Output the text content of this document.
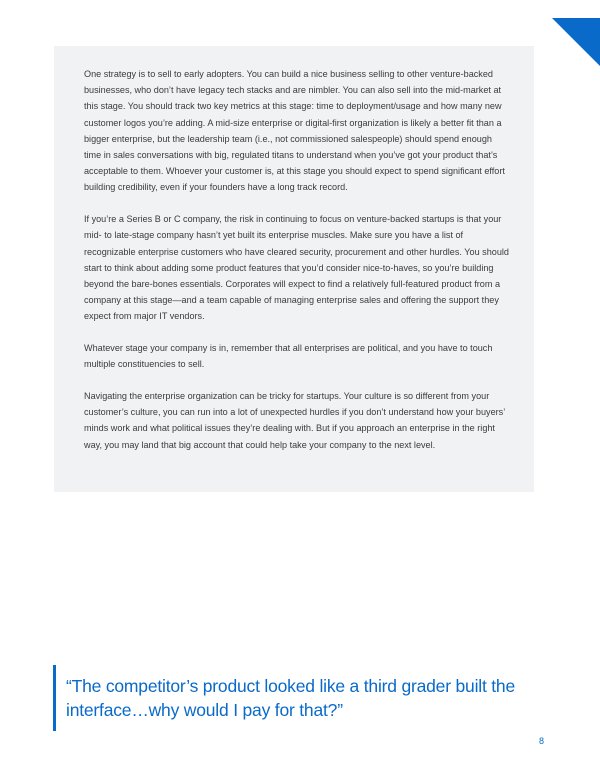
One strategy is to sell to early adopters. You can build a nice business selling to other venture-backed businesses, who don’t have legacy tech stacks and are nimbler. You can also sell into the mid-market at this stage. You should track two key metrics at this stage: time to deployment/usage and how many new customer logos you’re adding. A mid-size enterprise or digital-first organization is likely a better fit than a bigger enterprise, but the leadership team (i.e., not commissioned salespeople) should spend enough time in sales conversations with big, regulated titans to understand when you’ve got your product that’s acceptable to them. Whoever your customer is, at this stage you should expect to spend significant effort building credibility, even if your founders have a long track record.

If you’re a Series B or C company, the risk in continuing to focus on venture-backed startups is that your mid- to late-stage company hasn’t yet built its enterprise muscles. Make sure you have a list of recognizable enterprise customers who have cleared security, procurement and other hurdles. You should start to think about adding some product features that you’d consider nice-to-haves, so you’re building beyond the bare-bones essentials. Corporates will expect to find a relatively full-featured product from a company at this stage—and a team capable of managing enterprise sales and offering the support they expect from major IT vendors.

Whatever stage your company is in, remember that all enterprises are political, and you have to touch multiple constituencies to sell.

Navigating the enterprise organization can be tricky for startups. Your culture is so different from your customer’s culture, you can run into a lot of unexpected hurdles if you don’t understand how your buyers’ minds work and what political issues they’re dealing with. But if you approach an enterprise in the right way, you may land that big account that could help take your company to the next level.

“The competitor’s product looked like a third grader built the interface…why would I pay for that?”
8
